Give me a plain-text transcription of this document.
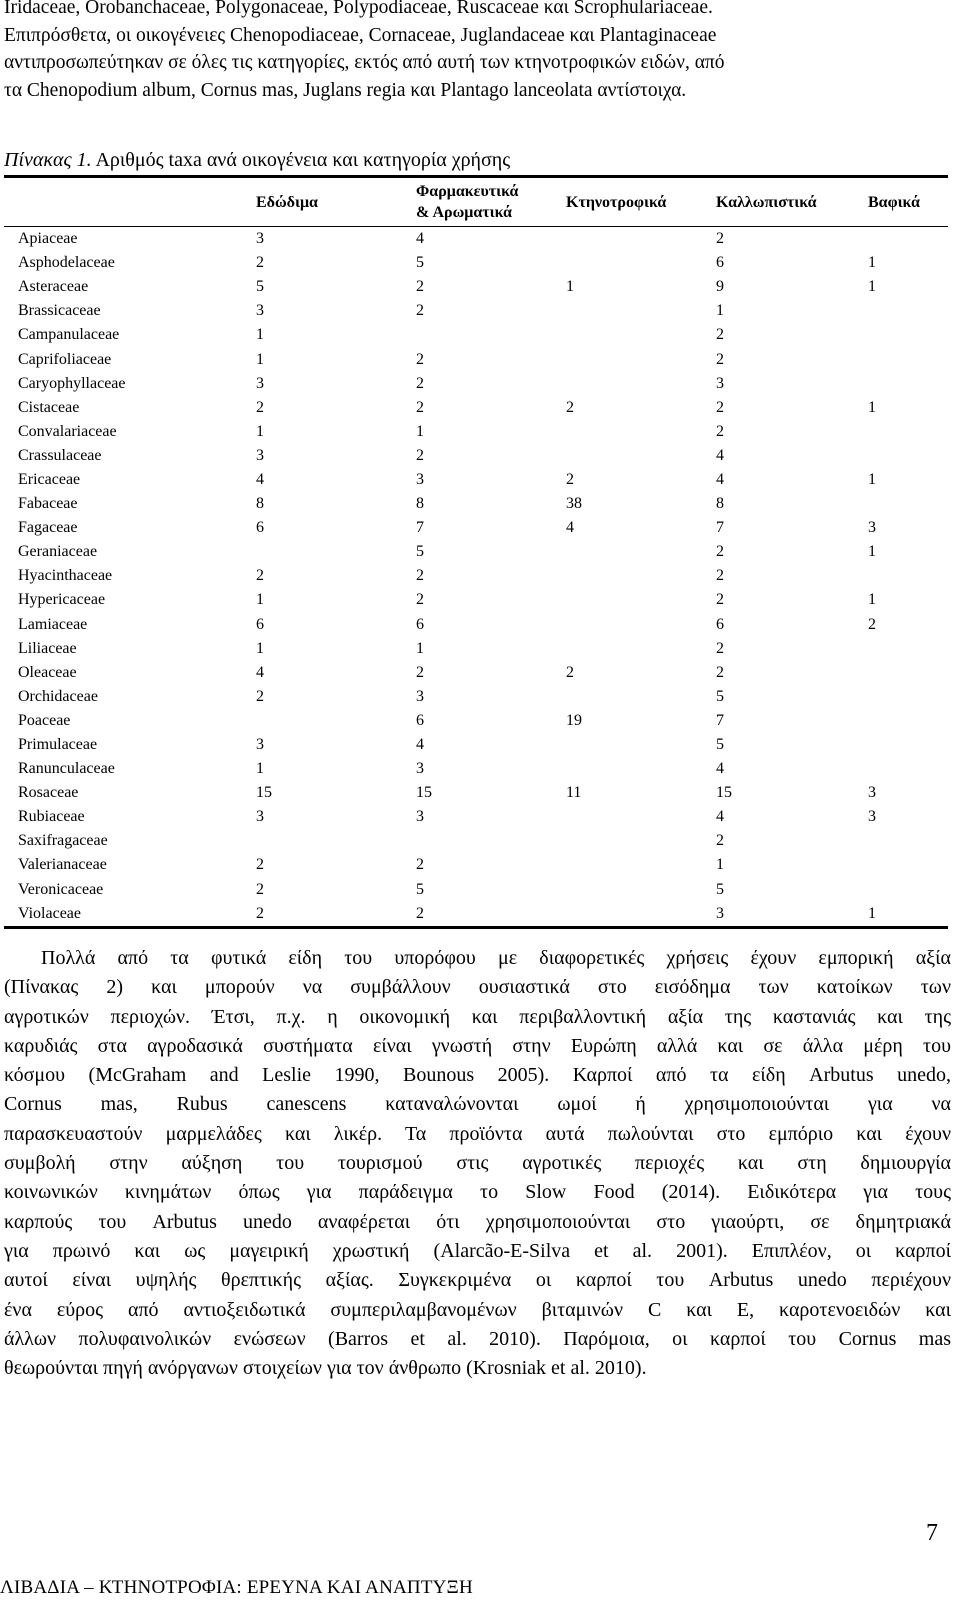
Iridaceae, Orobanchaceae, Polygonaceae, Polypodiaceae, Ruscaceae και Scrophulariaceae.
Επιπρόσθετα, οι οικογένειες Chenopodiaceae, Cornaceae, Juglandaceae και Plantaginaceae
αντιπροσωπεύτηκαν σε όλες τις κατηγορίες, εκτός από αυτή των κτηνοτροφικών ειδών, από
τα Chenopodium album, Cornus mas, Juglans regia και Plantago lanceolata αντίστοιχα.
Πίνακας 1. Αριθμός taxa ανά οικογένεια και κατηγορία χρήσης
	Εδώδιμα	Φαρμακευτικά
& Αρωματικά	Κτηνοτροφικά	Καλλωπιστικά	Βαφικά
Apiaceae	3	4		2	
Asphodelaceae	2	5		6	1
Asteraceae	5	2	1	9	1
Brassicaceae	3	2		1	
Campanulaceae	1			2	
Caprifoliaceae	1	2		2	
Caryophyllaceae	3	2		3	
Cistaceae	2	2	2	2	1
Convalariaceae	1	1		2	
Crassulaceae	3	2		4	
Ericaceae	4	3	2	4	1
Fabaceae	8	8	38	8	
Fagaceae	6	7	4	7	3
Geraniaceae		5		2	1
Hyacinthaceae	2	2		2	
Hypericaceae	1	2		2	1
Lamiaceae	6	6		6	2
Liliaceae	1	1		2	
Oleaceae	4	2	2	2	
Orchidaceae	2	3		5	
Poaceae		6	19	7	
Primulaceae	3	4		5	
Ranunculaceae	1	3		4	
Rosaceae	15	15	11	15	3
Rubiaceae	3	3		4	3
Saxifragaceae				2	
Valerianaceae	2	2		1	
Veronicaceae	2	5		5	
Violaceae	2	2		3	1
Πολλά από τα φυτικά είδη του υπορόφου με διαφορετικές χρήσεις έχουν εμπορική αξία
(Πίνακας 2) και μπορούν να συμβάλλουν ουσιαστικά στο εισόδημα των κατοίκων των
αγροτικών περιοχών. Έτσι, π.χ. η οικονομική και περιβαλλοντική αξία της καστανιάς και της
καρυδιάς στα αγροδασικά συστήματα είναι γνωστή στην Ευρώπη αλλά και σε άλλα μέρη του
κόσμου (McGraham and Leslie 1990, Bounous 2005). Καρποί από τα είδη Arbutus unedo,
Cornus mas, Rubus canescens καταναλώνονται ωμοί ή χρησιμοποιούνται για να
παρασκευαστούν μαρμελάδες και λικέρ. Τα προϊόντα αυτά πωλούνται στο εμπόριο και έχουν
συμβολή στην αύξηση του τουρισμού στις αγροτικές περιοχές και στη δημιουργία
κοινωνικών κινημάτων όπως για παράδειγμα το Slow Food (2014). Ειδικότερα για τους
καρπούς του Arbutus unedo αναφέρεται ότι χρησιμοποιούνται στο γιαούρτι, σε δημητριακά
για πρωινό και ως μαγειρική χρωστική (Alarcão-E-Silva et al. 2001). Επιπλέον, οι καρποί
αυτοί είναι υψηλής θρεπτικής αξίας. Συγκεκριμένα οι καρποί του Arbutus unedo περιέχουν
ένα εύρος από αντιοξειδωτικά συμπεριλαμβανομένων βιταμινών C και E, καροτενοειδών και
άλλων πολυφαινολικών ενώσεων (Barros et al. 2010). Παρόμοια, οι καρποί του Cornus mas
θεωρούνται πηγή ανόργανων στοιχείων για τον άνθρωπο (Krosniak et al. 2010).
7
ΛΙΒΑΔΙΑ – ΚΤΗΝΟΤΡΟΦΙΑ: ΕΡΕΥΝΑ ΚΑΙ ΑΝΑΠΤΥΞΗ
